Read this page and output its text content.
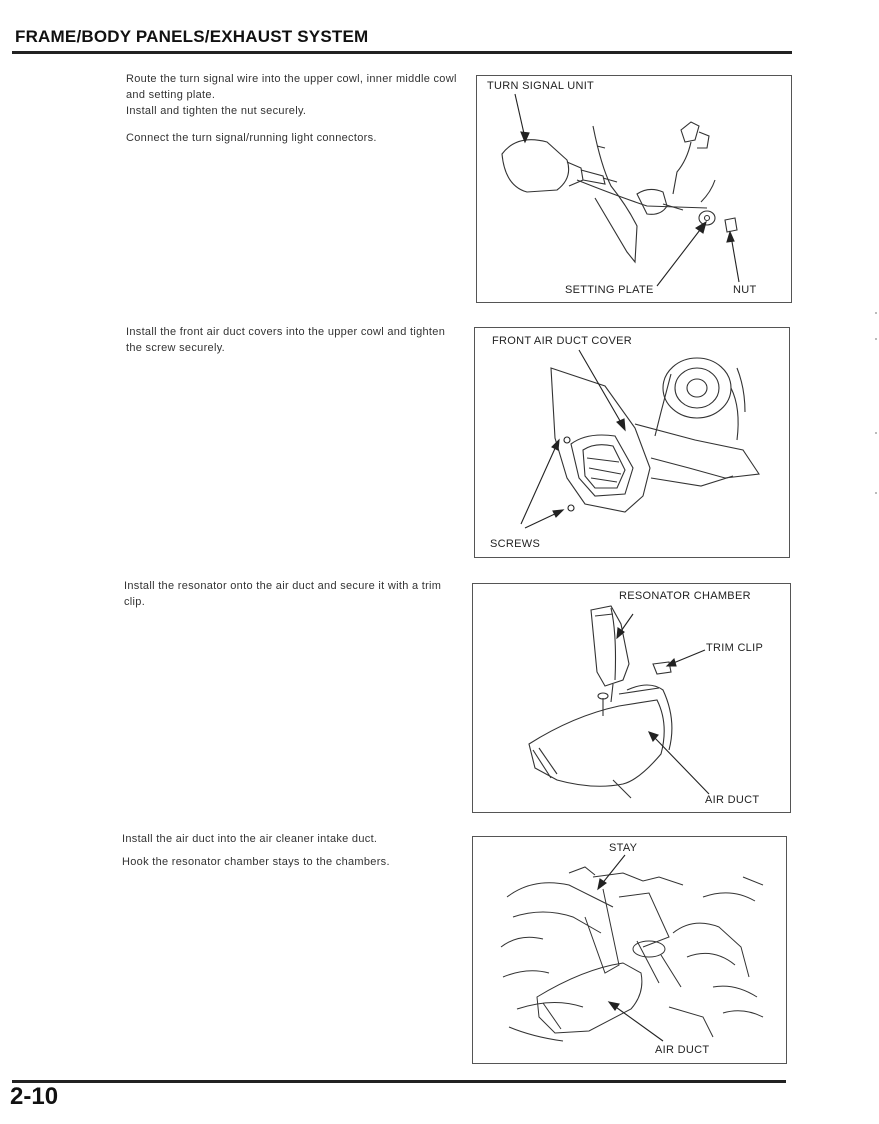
FRAME/BODY PANELS/EXHAUST SYSTEM

Route the turn signal wire into the upper cowl, inner middle cowl and setting plate.

Install and tighten the nut securely.

Connect the turn signal/running light connectors.

TURN SIGNAL UNIT
SETTING PLATE	NUT

Install the front air duct covers into the upper cowl and tighten the screw securely.

FRONT AIR DUCT COVER
SCREWS

Install the resonator onto the air duct and secure it with a trim clip.	RESONATOR CHAMBER
TRIM CLIP
AIR DUCT

Install the air duct into the air cleaner intake duct.

Hook the resonator chamber stays to the chambers.

STAY
AIR DUCT
2-10
